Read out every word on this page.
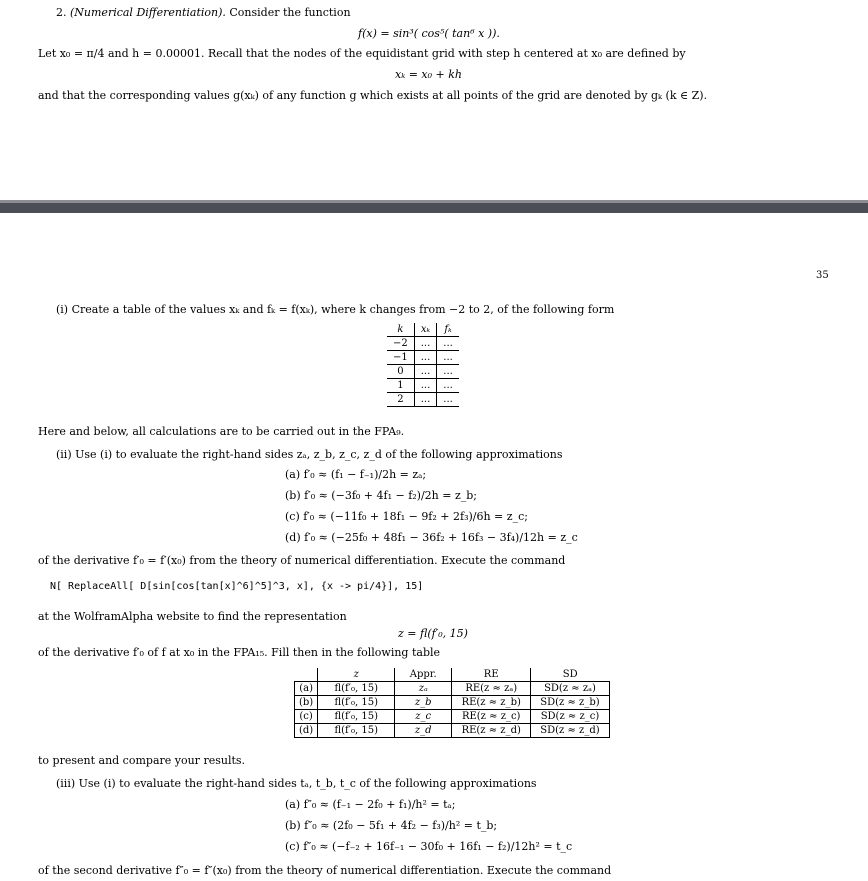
2. (Numerical Differentiation). Consider the function
f(x) = sin³( cos⁵( tan⁶ x )).
Let x₀ = π/4 and h = 0.00001. Recall that the nodes of the equidistant grid with step h centered at x₀ are defined by
xₖ = x₀ + kh
and that the corresponding values g(xₖ) of any function g which exists at all points of the grid are denoted by gₖ (k ∈ Z).
35
(i) Create a table of the values xₖ and fₖ = f(xₖ), where k changes from −2 to 2, of the following form
k	xₖ	fₖ
−2	...	...
−1	...	...
0	...	...
1	...	...
2	...	...
Here and below, all calculations are to be carried out in the FPA₉.
(ii) Use (i) to evaluate the right-hand sides zₐ, z_b, z_c, z_d of the following approximations
(a) f′₀ ≈ (f₁ − f₋₁)/2h = zₐ;
(b) f′₀ ≈ (−3f₀ + 4f₁ − f₂)/2h = z_b;
(c) f′₀ ≈ (−11f₀ + 18f₁ − 9f₂ + 2f₃)/6h = z_c;
(d) f′₀ ≈ (−25f₀ + 48f₁ − 36f₂ + 16f₃ − 3f₄)/12h = z_c
of the derivative f′₀ = f′(x₀) from the theory of numerical differentiation. Execute the command
N[ ReplaceAll[ D[sin[cos[tan[x]^6]^5]^3, x], {x -> pi/4}], 15]
at the WolframAlpha website to find the representation
z = fl(f′₀, 15)
of the derivative f′₀ of f at x₀ in the FPA₁₅. Fill then in the following table
	z	Appr.	RE	SD
(a)	fl(f′₀, 15)	zₐ	RE(z ≈ zₐ)	SD(z ≈ zₐ)
(b)	fl(f′₀, 15)	z_b	RE(z ≈ z_b)	SD(z ≈ z_b)
(c)	fl(f′₀, 15)	z_c	RE(z ≈ z_c)	SD(z ≈ z_c)
(d)	fl(f′₀, 15)	z_d	RE(z ≈ z_d)	SD(z ≈ z_d)
to present and compare your results.
(iii) Use (i) to evaluate the right-hand sides tₐ, t_b, t_c of the following approximations
(a) f″₀ ≈ (f₋₁ − 2f₀ + f₁)/h² = tₐ;
(b) f″₀ ≈ (2f₀ − 5f₁ + 4f₂ − f₃)/h² = t_b;
(c) f″₀ ≈ (−f₋₂ + 16f₋₁ − 30f₀ + 16f₁ − f₂)/12h² = t_c
of the second derivative f″₀ = f″(x₀) from the theory of numerical differentiation. Execute the command
